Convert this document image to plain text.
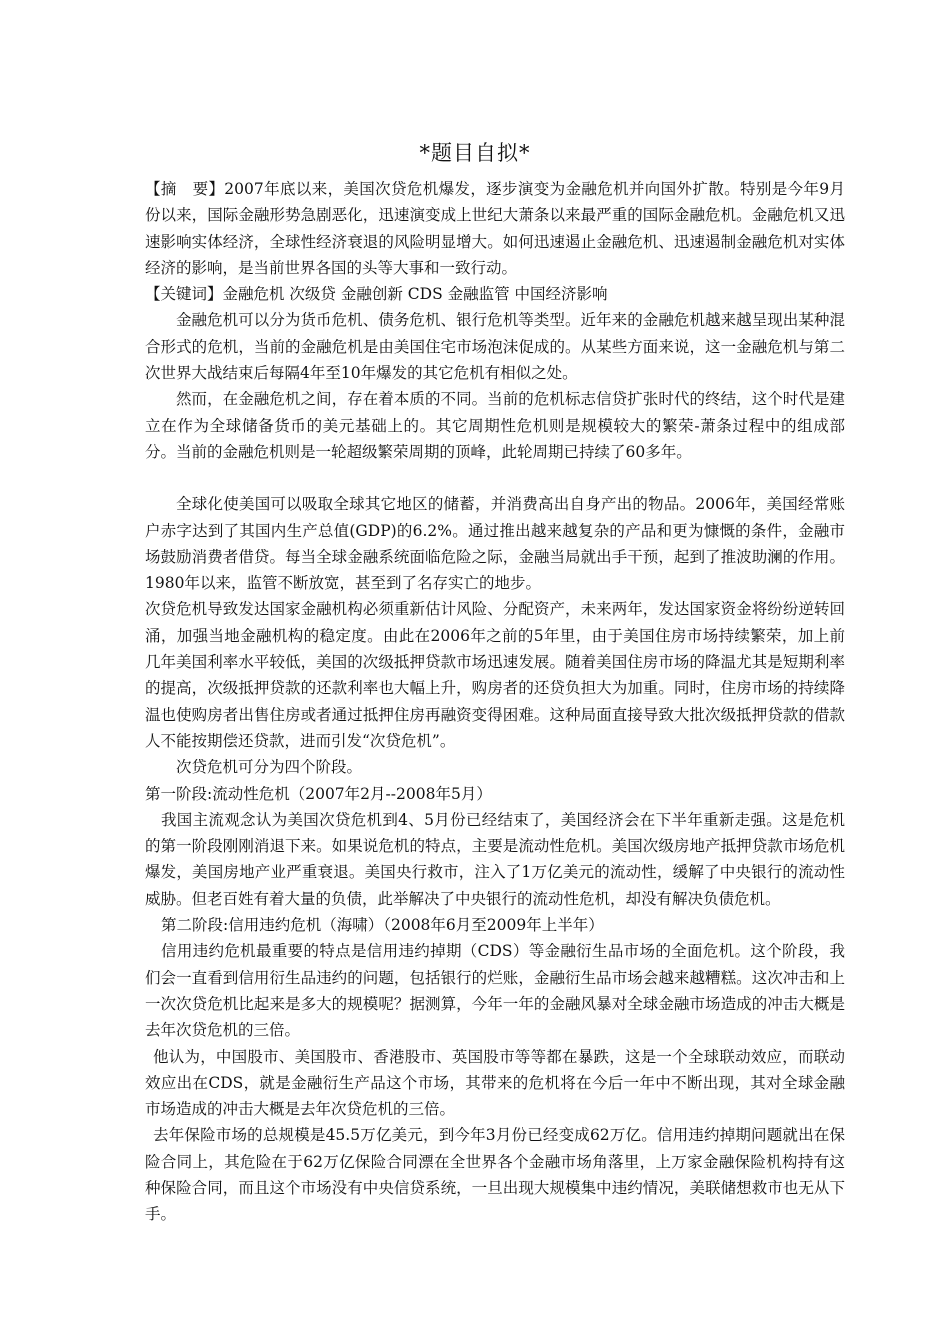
*题目自拟*

【摘　要】2007年底以来，美国次贷危机爆发，逐步演变为金融危机并向国外扩散。特别是今年9月份以来，国际金融形势急剧恶化，迅速演变成上世纪大萧条以来最严重的国际金融危机。金融危机又迅速影响实体经济，全球性经济衰退的风险明显增大。如何迅速遏止金融危机、迅速遏制金融危机对实体经济的影响，是当前世界各国的头等大事和一致行动。

【关键词】金融危机 次级贷 金融创新 CDS 金融监管 中国经济影响

金融危机可以分为货币危机、债务危机、银行危机等类型。近年来的金融危机越来越呈现出某种混合形式的危机，当前的金融危机是由美国住宅市场泡沫促成的。从某些方面来说，这一金融危机与第二次世界大战结束后每隔4年至10年爆发的其它危机有相似之处。

然而，在金融危机之间，存在着本质的不同。当前的危机标志信贷扩张时代的终结，这个时代是建立在作为全球储备货币的美元基础上的。其它周期性危机则是规模较大的繁荣-萧条过程中的组成部分。当前的金融危机则是一轮超级繁荣周期的顶峰，此轮周期已持续了60多年。

全球化使美国可以吸取全球其它地区的储蓄，并消费高出自身产出的物品。2006年，美国经常账户赤字达到了其国内生产总值(GDP)的6.2%。通过推出越来越复杂的产品和更为慷慨的条件，金融市场鼓励消费者借贷。每当全球金融系统面临危险之际，金融当局就出手干预，起到了推波助澜的作用。1980年以来，监管不断放宽，甚至到了名存实亡的地步。

次贷危机导致发达国家金融机构必须重新估计风险、分配资产，未来两年，发达国家资金将纷纷逆转回涌，加强当地金融机构的稳定度。由此在2006年之前的5年里，由于美国住房市场持续繁荣，加上前几年美国利率水平较低，美国的次级抵押贷款市场迅速发展。随着美国住房市场的降温尤其是短期利率的提高，次级抵押贷款的还款利率也大幅上升，购房者的还贷负担大为加重。同时，住房市场的持续降温也使购房者出售住房或者通过抵押住房再融资变得困难。这种局面直接导致大批次级抵押贷款的借款人不能按期偿还贷款，进而引发“次贷危机”。

次贷危机可分为四个阶段。

第一阶段:流动性危机（2007年2月--2008年5月）

我国主流观念认为美国次贷危机到4、5月份已经结束了，美国经济会在下半年重新走强。这是危机的第一阶段刚刚消退下来。如果说危机的特点，主要是流动性危机。美国次级房地产抵押贷款市场危机爆发，美国房地产业严重衰退。美国央行救市，注入了1万亿美元的流动性，缓解了中央银行的流动性威胁。但老百姓有着大量的负债，此举解决了中央银行的流动性危机，却没有解决负债危机。

第二阶段:信用违约危机（海啸）（2008年6月至2009年上半年）

信用违约危机最重要的特点是信用违约掉期（CDS）等金融衍生品市场的全面危机。这个阶段，我们会一直看到信用衍生品违约的问题，包括银行的烂账，金融衍生品市场会越来越糟糕。这次冲击和上一次次贷危机比起来是多大的规模呢？据测算，今年一年的金融风暴对全球金融市场造成的冲击大概是去年次贷危机的三倍。

他认为，中国股市、美国股市、香港股市、英国股市等等都在暴跌，这是一个全球联动效应，而联动效应出在CDS，就是金融衍生产品这个市场，其带来的危机将在今后一年中不断出现，其对全球金融市场造成的冲击大概是去年次贷危机的三倍。

去年保险市场的总规模是45.5万亿美元，到今年3月份已经变成62万亿。信用违约掉期问题就出在保险合同上，其危险在于62万亿保险合同漂在全世界各个金融市场角落里，上万家金融保险机构持有这种保险合同，而且这个市场没有中央信贷系统，一旦出现大规模集中违约情况，美联储想救市也无从下手。
